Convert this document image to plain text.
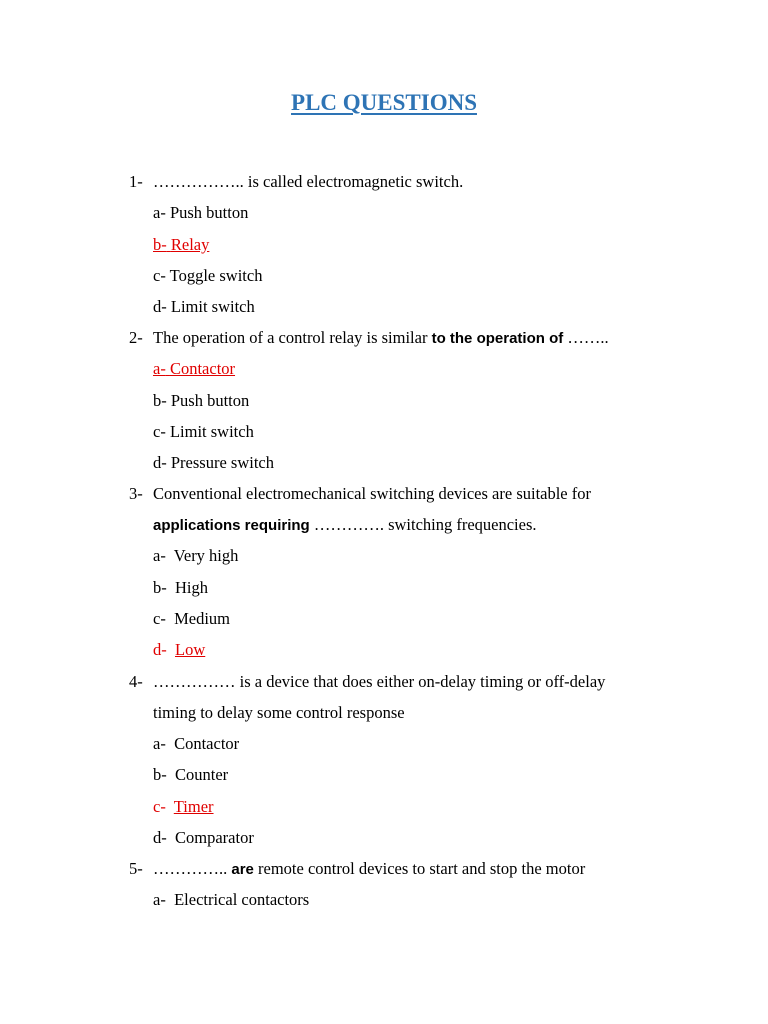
PLC QUESTIONS
1- …………….. is called electromagnetic switch.
a- Push button
b- Relay
c- Toggle switch
d- Limit switch
2- The operation of a control relay is similar to the operation of ……..
a- Contactor
b- Push button
c- Limit switch
d- Pressure switch
3- Conventional electromechanical switching devices are suitable for
applications requiring …………. switching frequencies.
a- Very high
b- High
c- Medium
d- Low
4- …………… is a device that does either on-delay timing or off-delay
timing to delay some control response
a- Contactor
b- Counter
c- Timer
d- Comparator
5- ………….. are remote control devices to start and stop the motor
a- Electrical contactors
